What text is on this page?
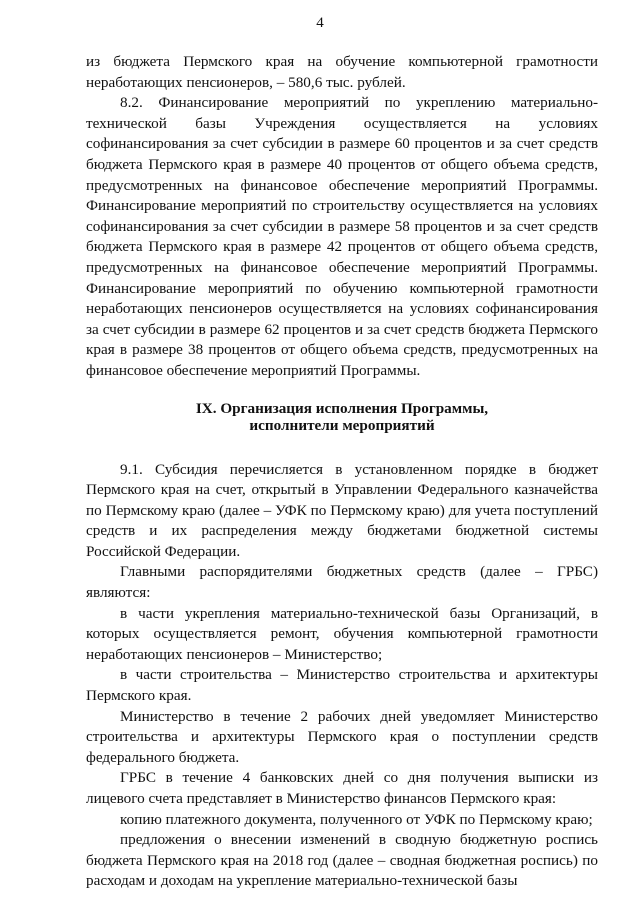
4

из бюджета Пермского края на обучение компьютерной грамотности неработающих пенсионеров, – 580,6 тыс. рублей.

8.2. Финансирование мероприятий по укреплению материально-технической базы Учреждения осуществляется на условиях софинансирования за счет субсидии в размере 60 процентов и за счет средств бюджета Пермского края в размере 40 процентов от общего объема средств, предусмотренных на финансовое обеспечение мероприятий Программы. Финансирование мероприятий по строительству осуществляется на условиях софинансирования за счет субсидии в размере 58 процентов и за счет средств бюджета Пермского края в размере 42 процентов от общего объема средств, предусмотренных на финансовое обеспечение мероприятий Программы. Финансирование мероприятий по обучению компьютерной грамотности неработающих пенсионеров осуществляется на условиях софинансирования за счет субсидии в размере 62 процентов и за счет средств бюджета Пермского края в размере 38 процентов от общего объема средств, предусмотренных на финансовое обеспечение мероприятий Программы.

IX. Организация исполнения Программы,
исполнители мероприятий

9.1. Субсидия перечисляется в установленном порядке в бюджет Пермского края на счет, открытый в Управлении Федерального казначейства по Пермскому краю (далее – УФК по Пермскому краю) для учета поступлений средств и их распределения между бюджетами бюджетной системы Российской Федерации.

Главными распорядителями бюджетных средств (далее – ГРБС) являются:

в части укрепления материально-технической базы Организаций, в которых осуществляется ремонт, обучения компьютерной грамотности неработающих пенсионеров – Министерство;

в части строительства – Министерство строительства и архитектуры Пермского края.

Министерство в течение 2 рабочих дней уведомляет Министерство строительства и архитектуры Пермского края о поступлении средств федерального бюджета.

ГРБС в течение 4 банковских дней со дня получения выписки из лицевого счета представляет в Министерство финансов Пермского края:

копию платежного документа, полученного от УФК по Пермскому краю;

предложения о внесении изменений в сводную бюджетную роспись бюджета Пермского края на 2018 год (далее – сводная бюджетная роспись) по расходам и доходам на укрепление материально-технической базы
